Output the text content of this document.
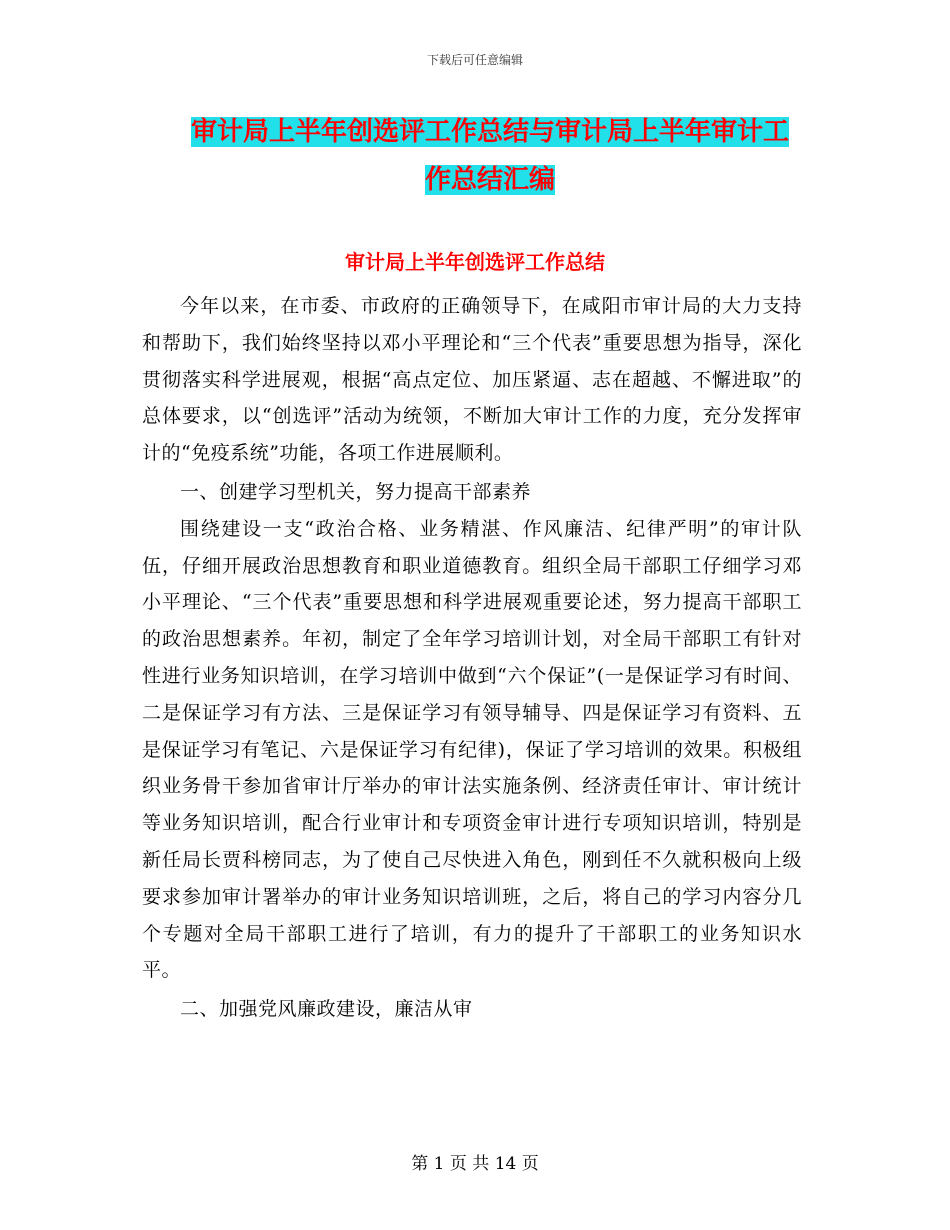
下载后可任意编辑
审计局上半年创选评工作总结与审计局上半年审计工
作总结汇编
审计局上半年创选评工作总结

今年以来，在市委、市政府的正确领导下，在咸阳市审计局的大力支持和帮助下，我们始终坚持以邓小平理论和“三个代表”重要思想为指导，深化贯彻落实科学进展观，根据“高点定位、加压紧逼、志在超越、不懈进取”的总体要求，以“创选评”活动为统领，不断加大审计工作的力度，充分发挥审计的“免疫系统”功能，各项工作进展顺利。

一、创建学习型机关，努力提高干部素养

围绕建设一支“政治合格、业务精湛、作风廉洁、纪律严明”的审计队伍，仔细开展政治思想教育和职业道德教育。组织全局干部职工仔细学习邓小平理论、“三个代表”重要思想和科学进展观重要论述，努力提高干部职工的政治思想素养。年初，制定了全年学习培训计划，对全局干部职工有针对性进行业务知识培训，在学习培训中做到“六个保证”(一是保证学习有时间、二是保证学习有方法、三是保证学习有领导辅导、四是保证学习有资料、五是保证学习有笔记、六是保证学习有纪律)，保证了学习培训的效果。积极组织业务骨干参加省审计厅举办的审计法实施条例、经济责任审计、审计统计等业务知识培训，配合行业审计和专项资金审计进行专项知识培训，特别是新任局长贾科榜同志，为了使自己尽快进入角色，刚到任不久就积极向上级要求参加审计署举办的审计业务知识培训班，之后，将自己的学习内容分几个专题对全局干部职工进行了培训，有力的提升了干部职工的业务知识水平。

二、加强党风廉政建设，廉洁从审

第 1 页 共 14 页
